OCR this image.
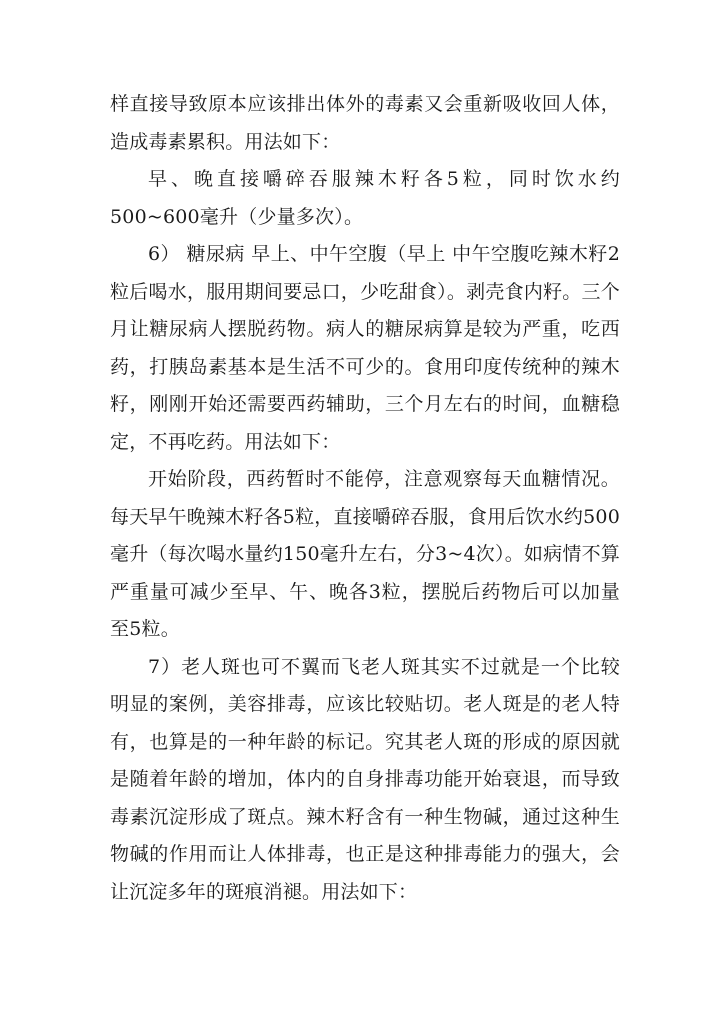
样直接导致原本应该排出体外的毒素又会重新吸收回人体，造成毒素累积。用法如下：

早、晚直接嚼碎吞服辣木籽各5粒，同时饮水约500~600毫升（少量多次）。

6） 糖尿病 早上、中午空腹（早上 中午空腹吃辣木籽2粒后喝水，服用期间要忌口，少吃甜食）。剥壳食内籽。三个月让糖尿病人摆脱药物。病人的糖尿病算是较为严重，吃西药，打胰岛素基本是生活不可少的。食用印度传统种的辣木籽，刚刚开始还需要西药辅助，三个月左右的时间，血糖稳定，不再吃药。用法如下：

开始阶段，西药暂时不能停，注意观察每天血糖情况。每天早午晚辣木籽各5粒，直接嚼碎吞服，食用后饮水约500毫升（每次喝水量约150毫升左右，分3~4次）。如病情不算严重量可减少至早、午、晚各3粒，摆脱后药物后可以加量至5粒。

7）老人斑也可不翼而飞老人斑其实不过就是一个比较明显的案例，美容排毒，应该比较贴切。老人斑是的老人特有，也算是的一种年龄的标记。究其老人斑的形成的原因就是随着年龄的增加，体内的自身排毒功能开始衰退，而导致毒素沉淀形成了斑点。辣木籽含有一种生物碱，通过这种生物碱的作用而让人体排毒，也正是这种排毒能力的强大，会让沉淀多年的斑痕消褪。用法如下：
